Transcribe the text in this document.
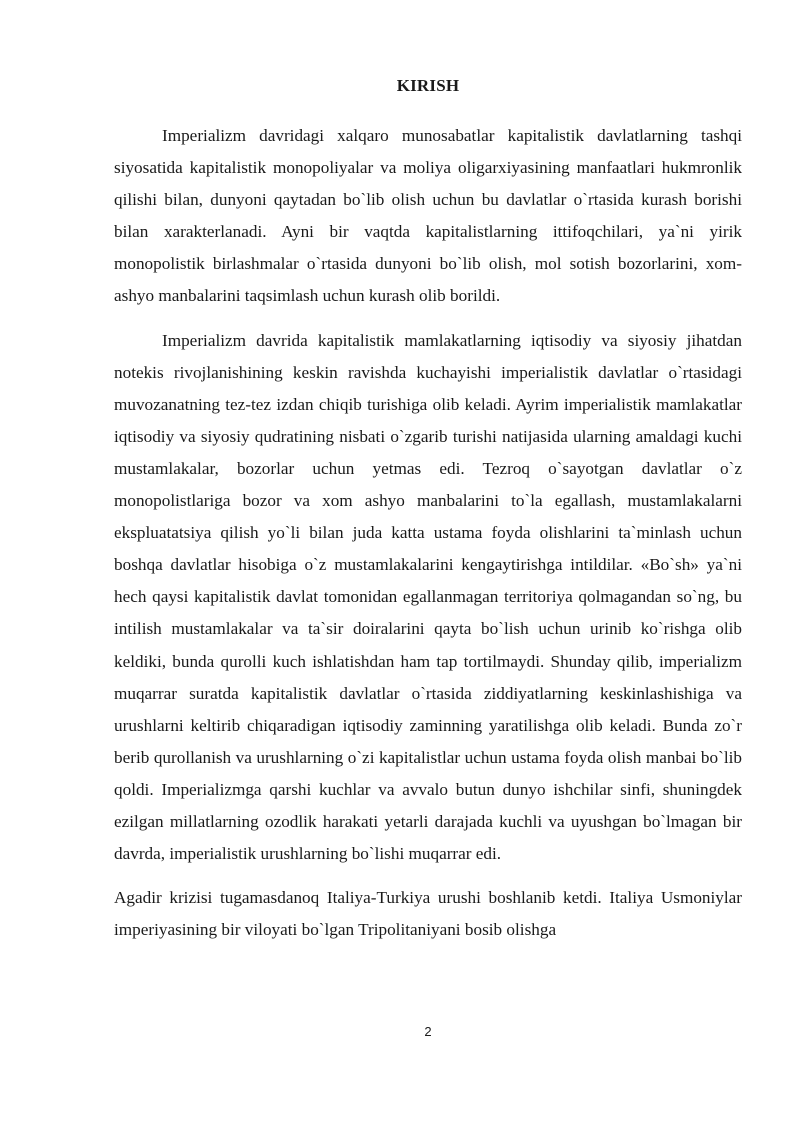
KIRISH

Imperializm davridagi xalqaro munosabatlar kapitalistik davlatlarning tashqi siyosatida kapitalistik monopoliyalar va moliya oligarxiyasining manfaatlari hukmronlik qilishi bilan, dunyoni qaytadan bo`lib olish uchun bu davlatlar o`rtasida kurash borishi bilan xarakterlanadi. Ayni bir vaqtda kapitalistlarning ittifoqchilari, ya`ni yirik monopolistik birlashmalar o`rtasida dunyoni bo`lib olish, mol sotish bozorlarini, xom-ashyo manbalarini taqsimlash uchun kurash olib borildi.

Imperializm davrida kapitalistik mamlakatlarning iqtisodiy va siyosiy jihatdan notekis rivojlanishining keskin ravishda kuchayishi imperialistik davlatlar o`rtasidagi muvozanatning tez-tez izdan chiqib turishiga olib keladi. Ayrim imperialistik mamlakatlar iqtisodiy va siyosiy qudratining nisbati o`zgarib turishi natijasida ularning amaldagi kuchi mustamlakalar, bozorlar uchun yetmas edi. Tezroq o`sayotgan davlatlar o`z monopolistlariga bozor va xom ashyo manbalarini to`la egallash, mustamlakalarni ekspluatatsiya qilish yo`li bilan juda katta ustama foyda olishlarini ta`minlash uchun boshqa davlatlar hisobiga o`z mustamlakalarini kengaytirishga intildilar. «Bo`sh» ya`ni hech qaysi kapitalistik davlat tomonidan egallanmagan territoriya qolmagandan so`ng, bu intilish mustamlakalar va ta`sir doiralarini qayta bo`lish uchun urinib ko`rishga olib keldiki, bunda qurolli kuch ishlatishdan ham tap tortilmaydi. Shunday qilib, imperializm muqarrar suratda kapitalistik davlatlar o`rtasida ziddiyatlarning keskinlashishiga va urushlarni keltirib chiqaradigan iqtisodiy zaminning yaratilishga olib keladi. Bunda zo`r berib qurollanish va urushlarning o`zi kapitalistlar uchun ustama foyda olish manbai bo`lib qoldi. Imperializmga qarshi kuchlar va avvalo butun dunyo ishchilar sinfi, shuningdek ezilgan millatlarning ozodlik harakati yetarli darajada kuchli va uyushgan bo`lmagan bir davrda, imperialistik urushlarning bo`lishi muqarrar edi.

Agadir krizisi tugamasdanoq Italiya-Turkiya urushi boshlanib ketdi. Italiya Usmoniylar imperiyasining bir viloyati bo`lgan Tripolitaniyani bosib olishga

2
